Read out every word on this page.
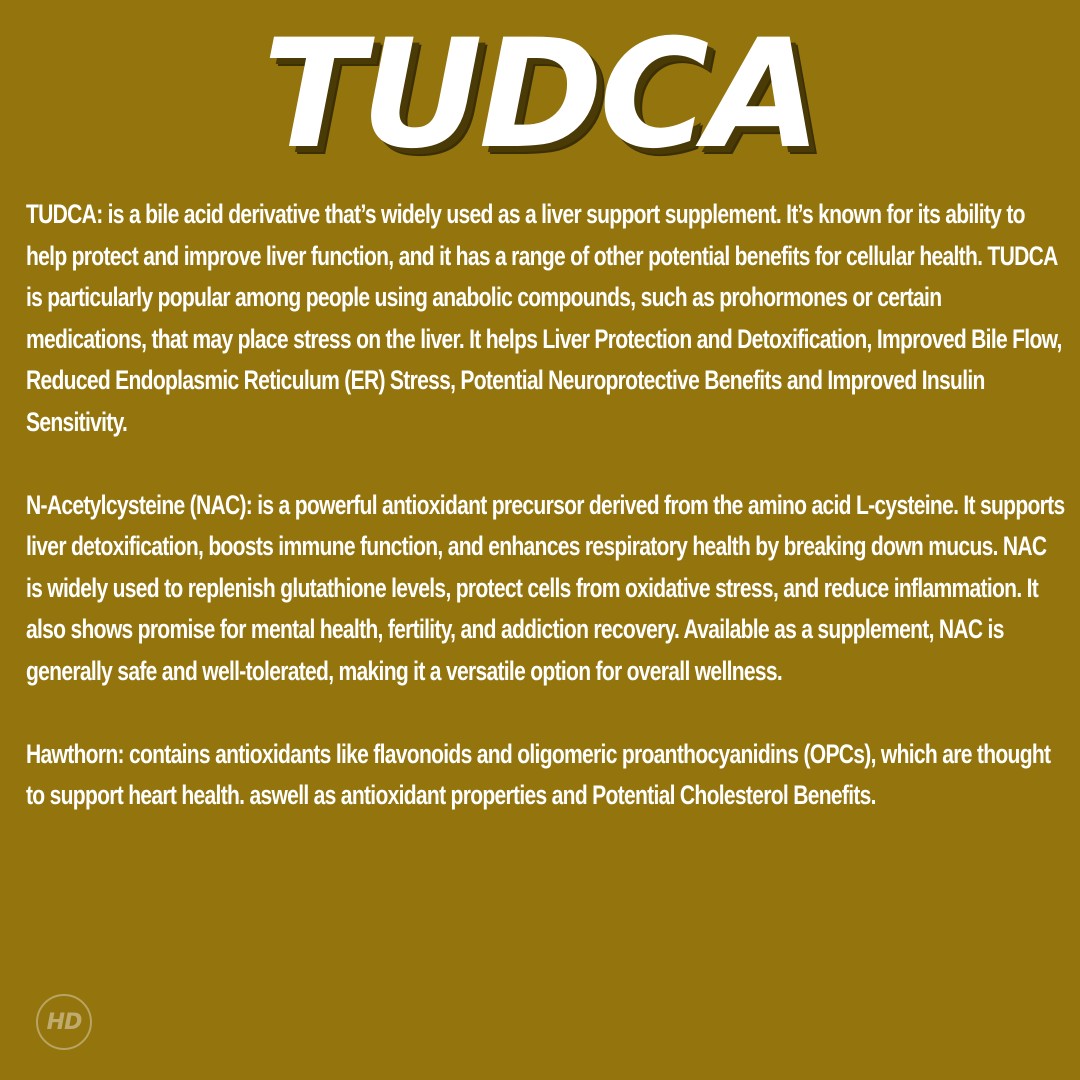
TUDCA

TUDCA: is a bile acid derivative that’s widely used as a liver support supplement. It’s known for its ability to help protect and improve liver function, and it has a range of other potential benefits for cellular health. TUDCA is particularly popular among people using anabolic compounds, such as prohormones or certain medications, that may place stress on the liver. It helps Liver Protection and Detoxification, Improved Bile Flow, Reduced Endoplasmic Reticulum (ER) Stress, Potential Neuroprotective Benefits and Improved Insulin Sensitivity.

N-Acetylcysteine (NAC): is a powerful antioxidant precursor derived from the amino acid L-cysteine. It supports liver detoxification, boosts immune function, and enhances respiratory health by breaking down mucus. NAC is widely used to replenish glutathione levels, protect cells from oxidative stress, and reduce inflammation. It also shows promise for mental health, fertility, and addiction recovery. Available as a supplement, NAC is generally safe and well-tolerated, making it a versatile option for overall wellness.

Hawthorn: contains antioxidants like flavonoids and oligomeric proanthocyanidins (OPCs), which are thought to support heart health. aswell as antioxidant properties and Potential Cholesterol Benefits.

HD
